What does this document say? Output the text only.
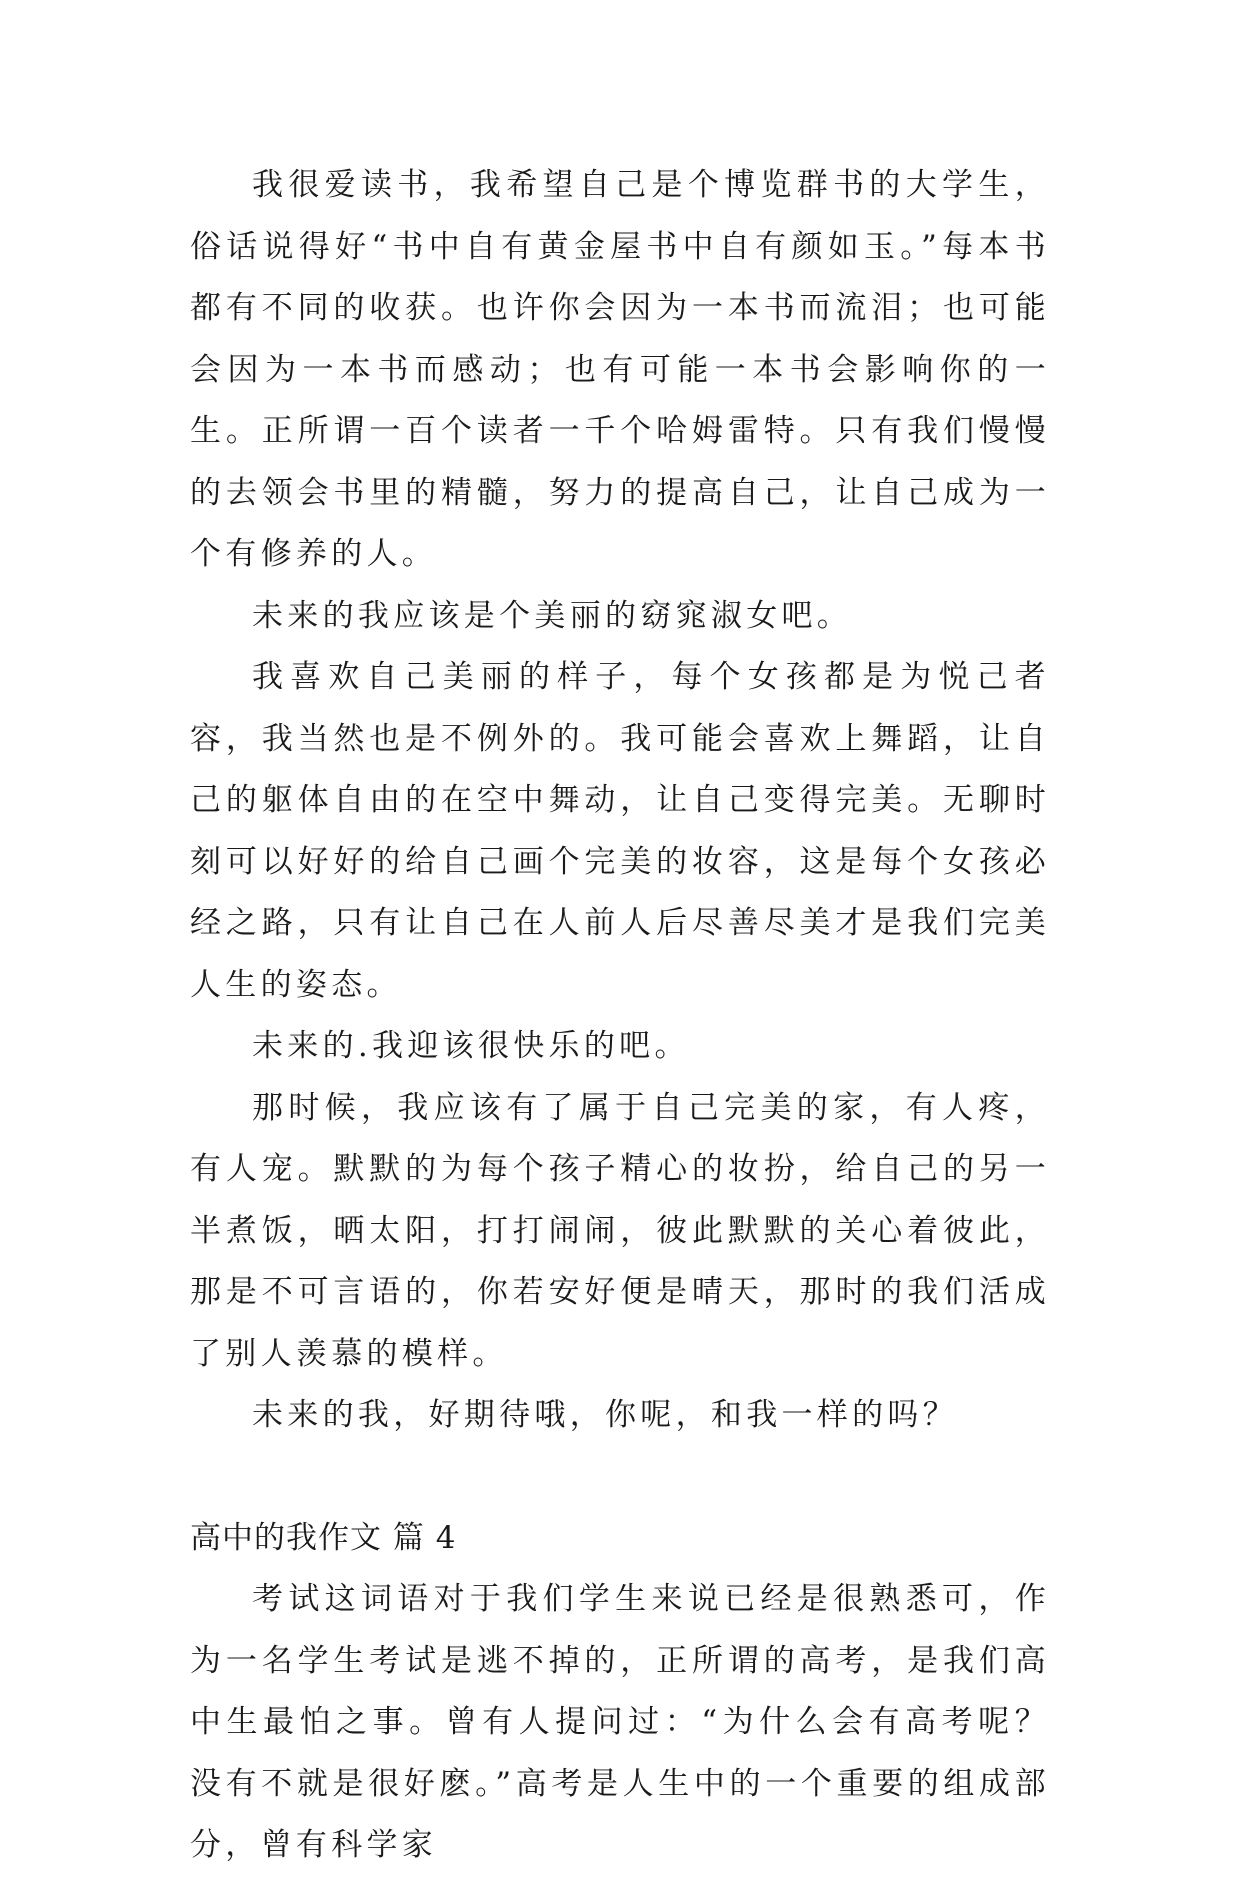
我很爱读书，我希望自己是个博览群书的大学生，俗话说得好“书中自有黄金屋书中自有颜如玉。”每本书都有不同的收获。也许你会因为一本书而流泪；也可能会因为一本书而感动；也有可能一本书会影响你的一生。正所谓一百个读者一千个哈姆雷特。只有我们慢慢的去领会书里的精髓，努力的提高自己，让自己成为一个有修养的人。

未来的我应该是个美丽的窈窕淑女吧。

我喜欢自己美丽的样子，每个女孩都是为悦己者容，我当然也是不例外的。我可能会喜欢上舞蹈，让自己的躯体自由的在空中舞动，让自己变得完美。无聊时刻可以好好的给自己画个完美的妆容，这是每个女孩必经之路，只有让自己在人前人后尽善尽美才是我们完美人生的姿态。

未来的.我迎该很快乐的吧。

那时候，我应该有了属于自己完美的家，有人疼，有人宠。默默的为每个孩子精心的妆扮，给自己的另一半煮饭，晒太阳，打打闹闹，彼此默默的关心着彼此，那是不可言语的，你若安好便是晴天，那时的我们活成了别人羡慕的模样。

未来的我，好期待哦，你呢，和我一样的吗？

高中的我作文 篇 4

考试这词语对于我们学生来说已经是很熟悉可，作为一名学生考试是逃不掉的，正所谓的高考，是我们高中生最怕之事。曾有人提问过：“为什么会有高考呢？没有不就是很好麽。”高考是人生中的一个重要的组成部分，曾有科学家
